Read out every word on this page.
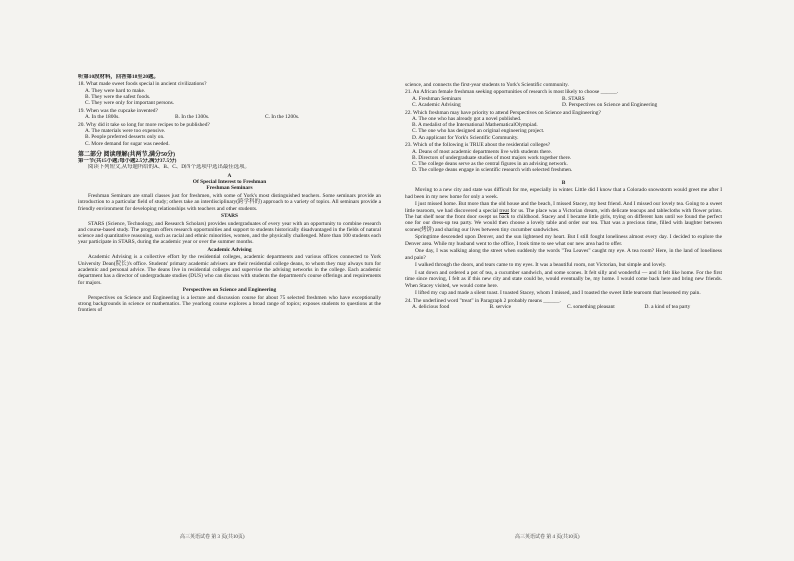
听第10段材料，回答第18至20题。

18. What made sweet foods special in ancient civilizations?

A. They were hard to make.

B. They were the safest foods.

C. They were only for important persons.

19. When was the cupcake invented?

A. In the 1800s.	B. In the 1300s.	C. In the 1200s.

20. Why did it take so long for more recipes to be published?

A. The materials were too expensive.

B. People preferred desserts only on.

C. More demand for sugar was needed.

第二部分 阅读理解(共两节,满分50分)

第一节(共15小题;每小题2.5分,满分37.5分)

阅读下列短文,从每题所给的A、B、C、D四个选项中选出最佳选项。

A

Of Special Interest to Freshman

Freshman Seminars

Freshman Seminars are small classes just for freshmen, with some of York's most distinguished teachers. Some seminars provide an introduction to a particular field of study; others take an interdisciplinary(跨学科的) approach to a variety of topics. All seminars provide a friendly environment for developing relationships with teachers and other students.

STARS

STARS (Science, Technology, and Research Scholars) provides undergraduates of every year with an opportunity to combine research and course-based study. The program offers research opportunities and support to students historically disadvantaged in the fields of natural science and quantitative reasoning, such as racial and ethnic minorities, women, and the physically challenged. More than 100 students each year participate in STARS, during the academic year or over the summer months.

Academic Advising

Academic Advising is a collective effort by the residential colleges, academic departments and various offices connected to York University Dean(院长)'s office. Students' primary academic advisers are their residential college deans, to whom they may always turn for academic and personal advice. The deans live in residential colleges and supervise the advising networks in the college. Each academic department has a director of undergraduate studies (DUS) who can discuss with students the department's course offerings and requirements for majors.

Perspectives on Science and Engineering

Perspectives on Science and Engineering is a lecture and discussion course for about 75 selected freshmen who have exceptionally strong backgrounds in science or mathematics. The yearlong course explores a broad range of topics; exposes students to questions at the frontiers of

science, and connects the first-year students to York's Scientific community.

21. An African female freshman seeking opportunities of research is most likely to choose ______.

A. Freshman Seminars	B. STARS
C. Academic Advising	D. Perspectives on Science and Engineering

22. Which freshman may have priority to attend Perspectives on Science and Engineering?

A. The one who has already got a novel published.

B. A medalist of the International MathematicalOlympiad.

C. The one who has designed an original engineering project.

D. An applicant for York's Scientific Community.

23. Which of the following is TRUE about the residential colleges?

A. Deans of most academic departments live with students there.

B. Directors of undergraduate studies of most majors work together there.

C. The college deans serve as the central figures in an advising network.

D. The college deans engage in scientific research with selected freshmen.

B

Moving to a new city and state was difficult for me, especially in winter. Little did I know that a Colorado snowstorm would greet me after I had been in my new home for only a week.

I just missed home. But more than the old house and the beach, I missed Stacey, my best friend. And I missed our lovely tea. Going to a sweet little tearoom, we had discovered a special treat for us. The place was a Victorian dream, with delicate teacups and tablecloths with flower prints. The hat shelf near the front door swept us back to childhood. Stacey and I became little girls, trying on different hats until we found the perfect one for our dress-up tea party. We would then choose a lovely table and order our tea. That was a precious time, filled with laughter between scones(烤饼) and sharing our lives between tiny cucumber sandwiches.

Springtime descended upon Denver, and the sun lightened my heart. But I still fought loneliness almost every day. I decided to explore the Denver area. While my husband went to the office, I took time to see what our new area had to offer.

One day, I was walking along the street when suddenly the words "Tea Leaves" caught my eye. A tea room? Here, in the land of loneliness and pain?

I walked through the doors, and tears came to my eyes. It was a beautiful room, not Victorian, but simple and lovely.

I sat down and ordered a pot of tea, a cucumber sandwich, and some scones. It felt silly and wonderful — and it felt like home. For the first time since moving, I felt as if this new city and state could be, would eventually be, my home. I would come back here and bring new friends. When Stacey visited, we would come here.

I lifted my cup and made a silent toast. I toasted Stacey, whom I missed, and I toasted the sweet little tearoom that lessened my pain.

24. The underlined word "treat" in Paragraph 2 probably means ______.

A. delicious food	B. service	C. something pleasant	D. a kind of tea party
高三英语试卷 第 3 页(共10页)	高三英语试卷 第 4 页(共10页)
